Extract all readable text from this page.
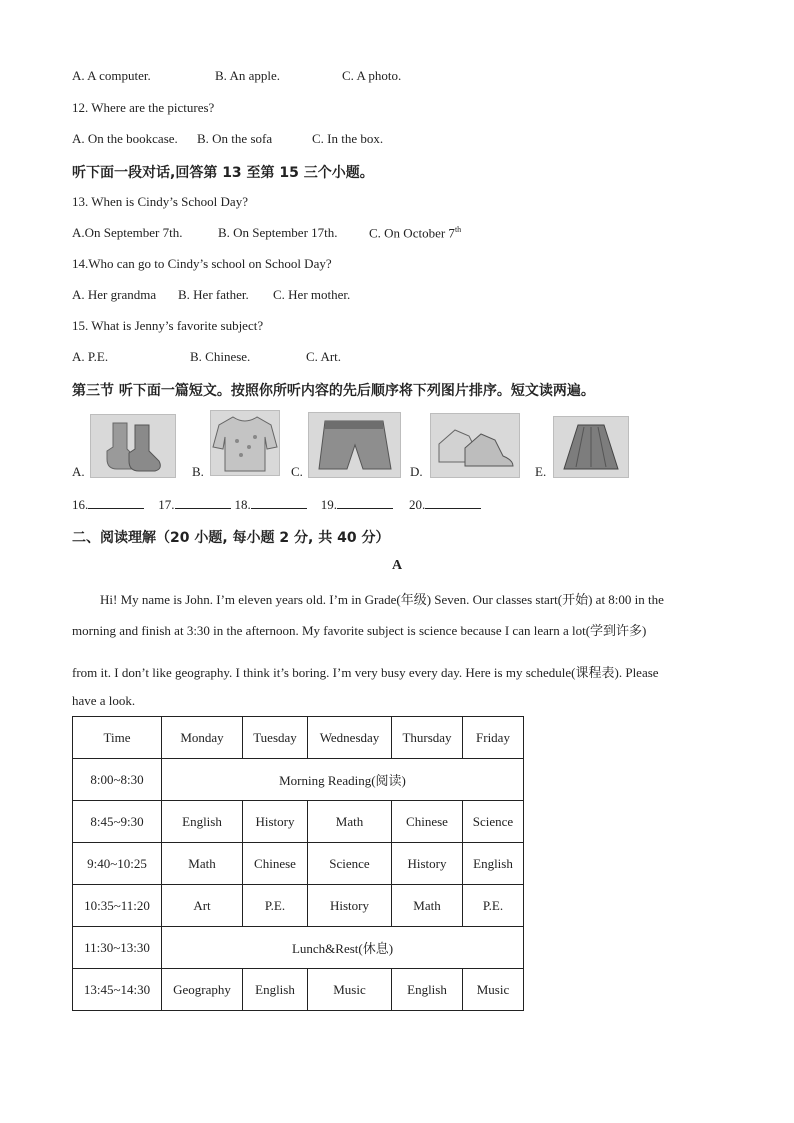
A. A computer.	B. An apple.	C. A photo.
12. Where are the pictures?
A. On the bookcase. B. On the sofa	C. In the box.
听下面一段对话,回答第 13 至第 15 三个小题。
13. When is Cindy’s School Day?
A.On September 7th.	B. On September 17th. C. On October 7th
14.Who can go to Cindy’s school on School Day?
A. Her grandma B. Her father. C. Her mother.
15. What is Jenny’s favorite subject?
A. P.E.	B. Chinese.	C. Art.
第三节 听下面一篇短文。按照你所听内容的先后顺序将下列图片排序。短文读两遍。
A.	B.	C.	D.	E.
16.	17.	18.	19.	20.
二、阅读理解（20 小题, 每小题 2 分, 共 40 分）
A
Hi! My name is John. I’m eleven years old. I’m in Grade(年级) Seven. Our classes start(开始) at 8:00 in the
morning and finish at 3:30 in the afternoon. My favorite subject is science because I can learn a lot(学到许多)
from it. I don’t like geography. I think it’s boring. I’m very busy every day. Here is my schedule(课程表). Please
have a look.
Time	Monday	Tuesday	Wednesday	Thursday	Friday
8:00~8:30	Morning Reading(阅读)				
8:45~9:30	English	History	Math	Chinese	Science
9:40~10:25	Math	Chinese	Science	History	English
10:35~11:20	Art	P.E.	History	Math	P.E.
11:30~13:30	Lunch&Rest(休息)				
13:45~14:30	Geography	English	Music	English	Music
